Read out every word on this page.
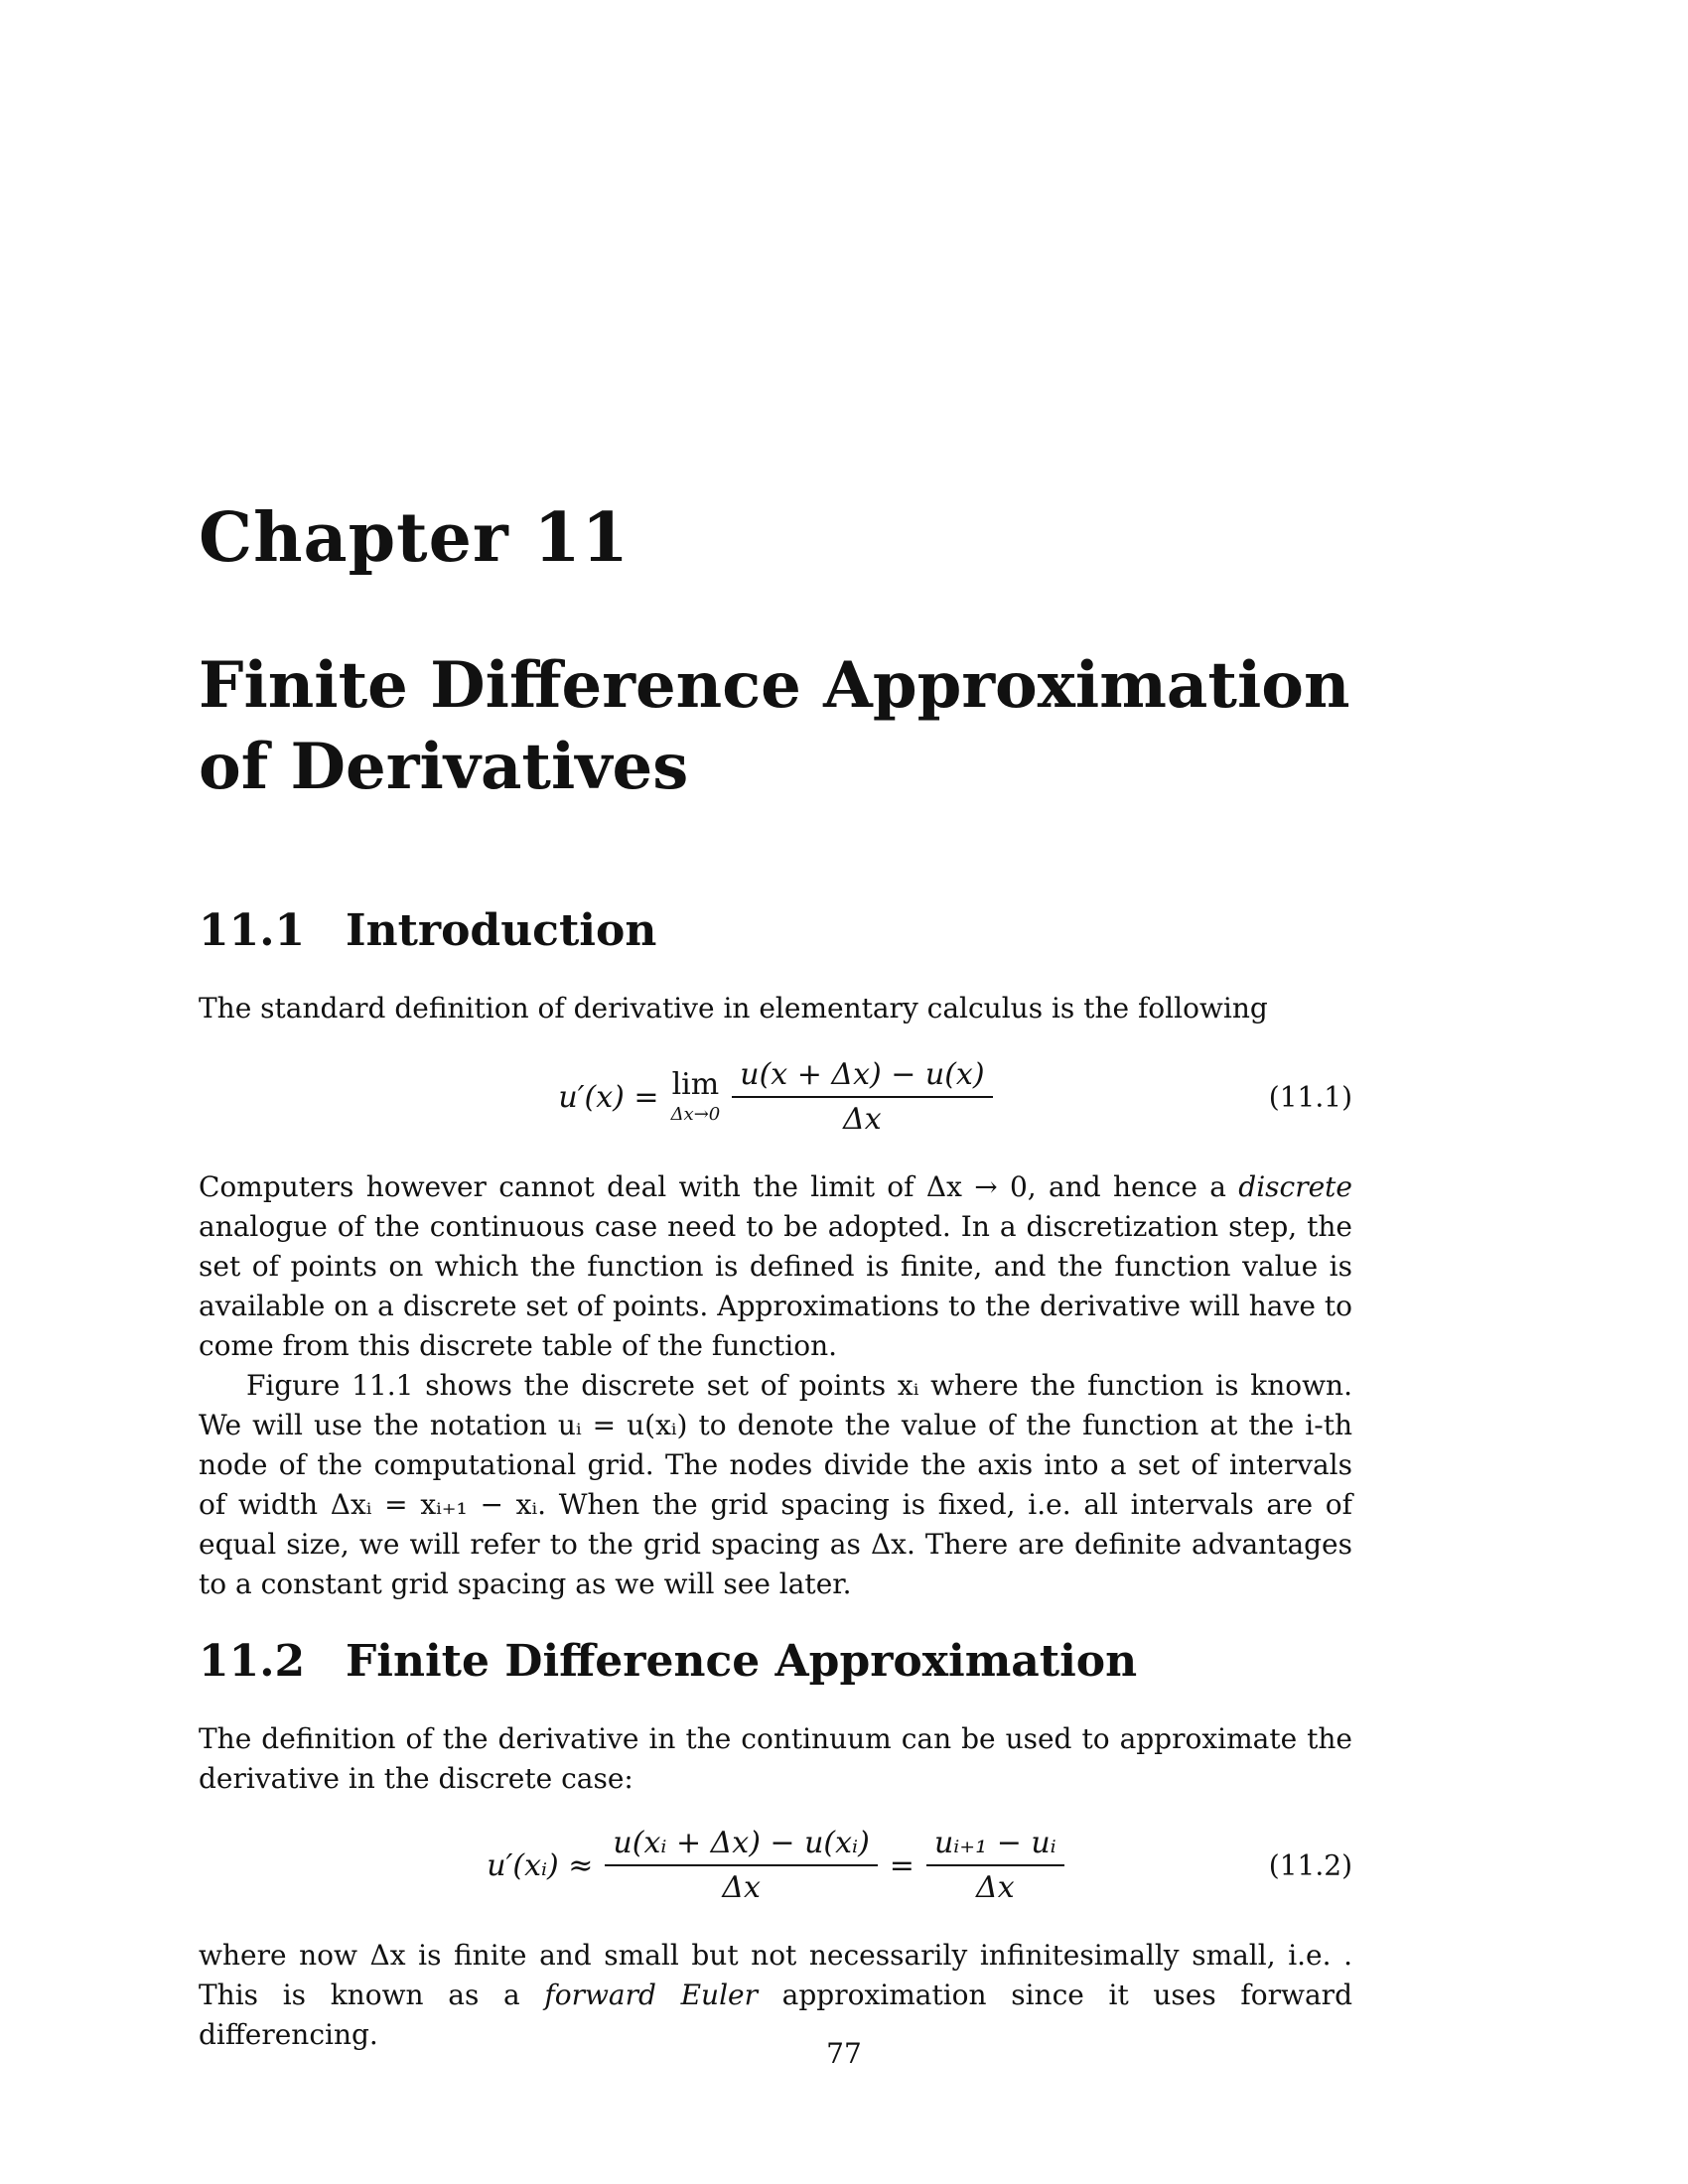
Chapter 11
Finite Difference Approximation of Derivatives
11.1 Introduction

The standard definition of derivative in elementary calculus is the following

u′(x) = lim
$\Delta x\to 0 \frac{u(x + \Delta x) - u(x)}{\Delta x}$	(11.1)

Computers however cannot deal with the limit of Δx → 0, and hence a discrete analogue of the continuous case need to be adopted. In a discretization step, the set of points on which the function is defined is finite, and the function value is available on a discrete set of points. Approximations to the derivative will have to come from this discrete table of the function.

Figure 11.1 shows the discrete set of points xᵢ where the function is known. We will use the notation uᵢ = u(xᵢ) to denote the value of the function at the i-th node of the computational grid. The nodes divide the axis into a set of intervals of width Δxᵢ = xᵢ₊₁ − xᵢ. When the grid spacing is fixed, i.e. all intervals are of equal size, we will refer to the grid spacing as Δx. There are definite advantages to a constant grid spacing as we will see later.

11.2 Finite Difference Approximation

The definition of the derivative in the continuum can be used to approximate the derivative in the discrete case:

u′(xᵢ) ≈ $\frac{\text{u(xᵢ + Δx) − u(xᵢ)}}{\Delta x} = \frac{\text{uᵢ₊₁ − uᵢ}}{\Delta x}$	(11.2)

where now Δx is finite and small but not necessarily infinitesimally small, i.e. . This is known as a forward Euler approximation since it uses forward differencing.

77
